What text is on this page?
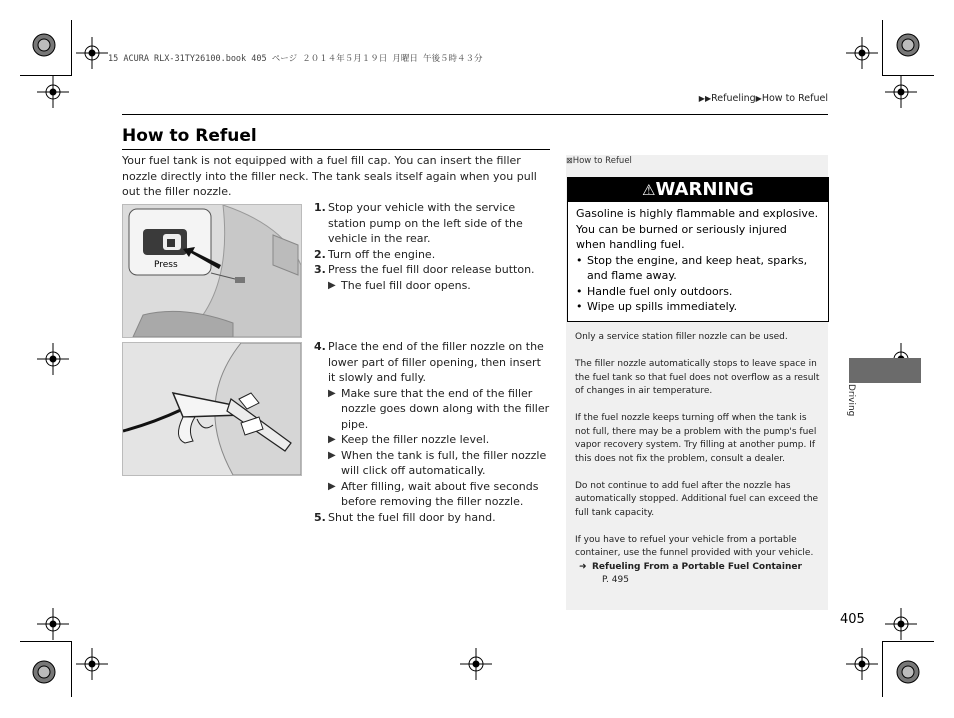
15 ACURA RLX-31TY26100.book 405 ページ ２０１４年５月１９日 月曜日 午後５時４３分
▶▶Refueling▶How to Refuel
How to Refuel
Your fuel tank is not equipped with a fuel fill cap. You can insert the filler nozzle directly into the filler neck. The tank seals itself again when you pull out the filler nozzle.
Press
1. Stop your vehicle with the service station pump on the left side of the vehicle in the rear.
2. Turn off the engine.
3. Press the fuel fill door release button.
▶ The fuel fill door opens.
4. Place the end of the filler nozzle on the lower part of filler opening, then insert it slowly and fully.
▶ Make sure that the end of the filler nozzle goes down along with the filler pipe.
▶ Keep the filler nozzle level.
▶ When the tank is full, the filler nozzle will click off automatically.
▶ After filling, wait about five seconds before removing the filler nozzle.
5. Shut the fuel fill door by hand.
⊠How to Refuel
⚠WARNING
Gasoline is highly flammable and explosive. You can be burned or seriously injured when handling fuel.
• Stop the engine, and keep heat, sparks, and flame away.
• Handle fuel only outdoors.
• Wipe up spills immediately.

Only a service station filler nozzle can be used.

The filler nozzle automatically stops to leave space in the fuel tank so that fuel does not overflow as a result of changes in air temperature.

If the fuel nozzle keeps turning off when the tank is not full, there may be a problem with the pump's fuel vapor recovery system. Try filling at another pump. If this does not fix the problem, consult a dealer.

Do not continue to add fuel after the nozzle has automatically stopped. Additional fuel can exceed the full tank capacity.

If you have to refuel your vehicle from a portable container, use the funnel provided with your vehicle.

➜ Refueling From a Portable Fuel Container
P. 495
405
Driving
